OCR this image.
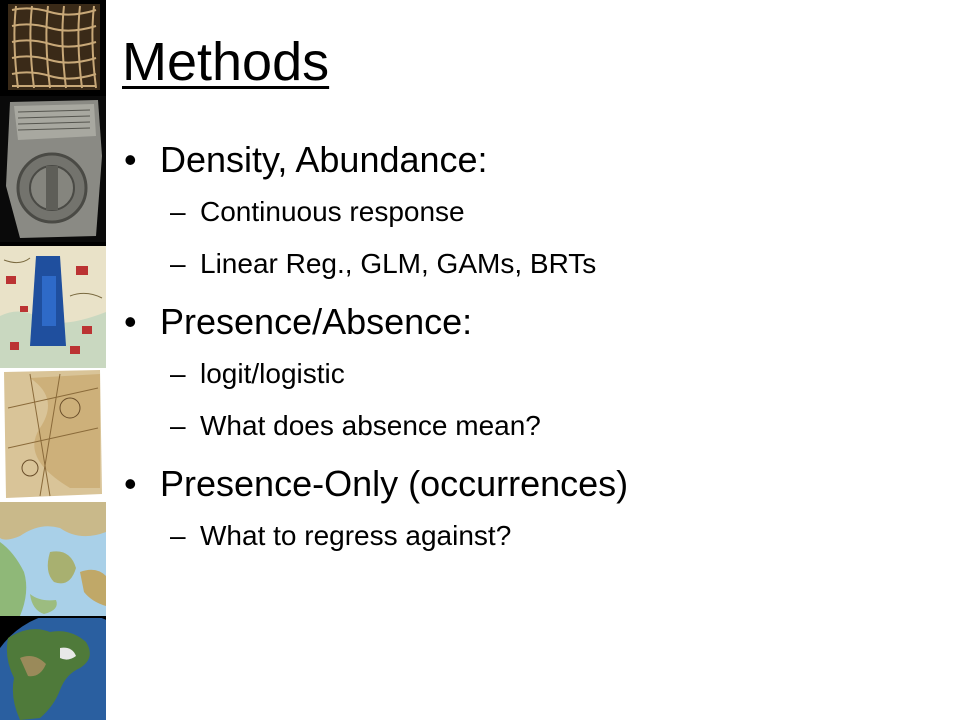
Methods

• Density, Abundance:

– Continuous response

– Linear Reg., GLM, GAMs, BRTs

• Presence/Absence:

– logit/logistic

– What does absence mean?

• Presence-Only (occurrences)

– What to regress against?
